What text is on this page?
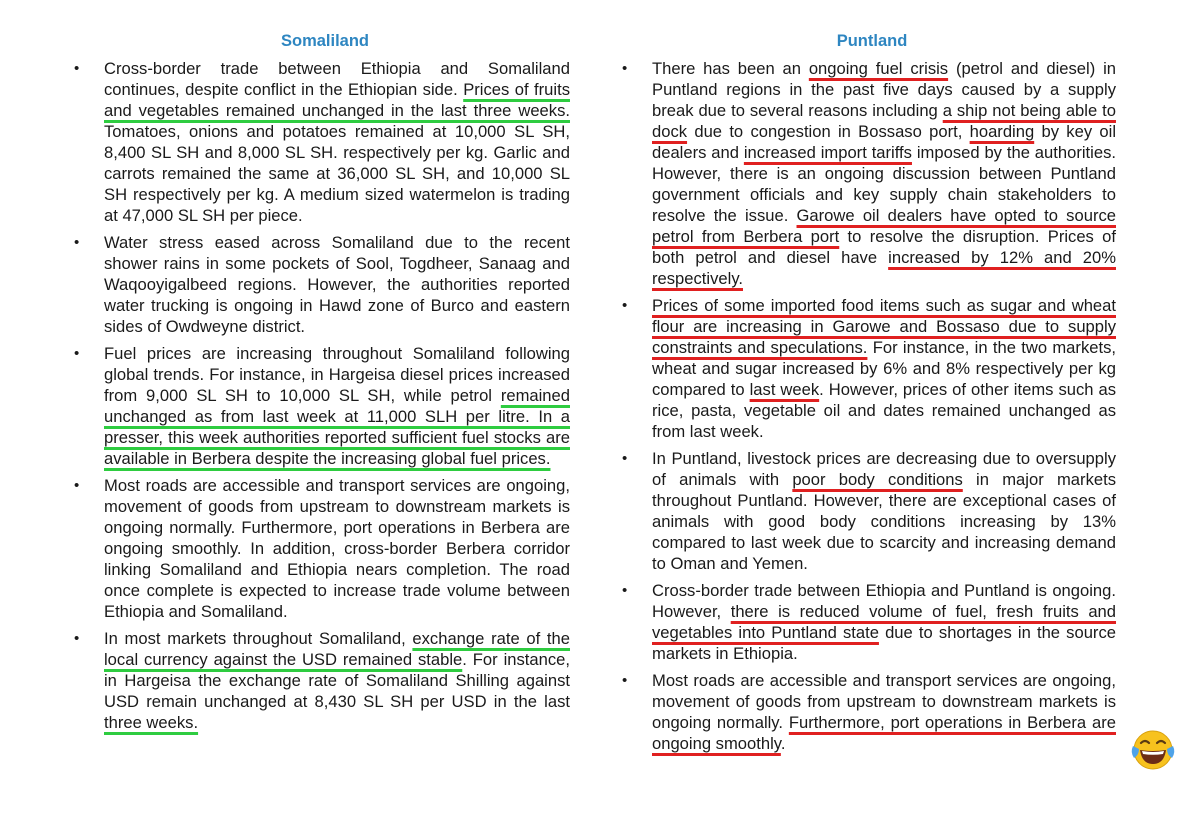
Somaliland
• Cross-border trade between Ethiopia and Somaliland continues, despite conflict in the Ethiopian side. Prices of fruits and vegetables remained unchanged in the last three weeks. Tomatoes, onions and potatoes remained at 10,000 SL SH, 8,400 SL SH and 8,000 SL SH. respectively per kg. Garlic and carrots remained the same at 36,000 SL SH, and 10,000 SL SH respectively per kg. A medium sized watermelon is trading at 47,000 SL SH per piece.
• Water stress eased across Somaliland due to the recent shower rains in some pockets of Sool, Togdheer, Sanaag and Waqooyigalbeed regions. However, the authorities reported water trucking is ongoing in Hawd zone of Burco and eastern sides of Owdweyne district.
• Fuel prices are increasing throughout Somaliland following global trends. For instance, in Hargeisa diesel prices increased from 9,000 SL SH to 10,000 SL SH, while petrol remained unchanged as from last week at 11,000 SLH per litre. In a presser, this week authorities reported sufficient fuel stocks are available in Berbera despite the increasing global fuel prices.
• Most roads are accessible and transport services are ongoing, movement of goods from upstream to downstream markets is ongoing normally. Furthermore, port operations in Berbera are ongoing smoothly. In addition, cross-border Berbera corridor linking Somaliland and Ethiopia nears completion. The road once complete is expected to increase trade volume between Ethiopia and Somaliland.
• In most markets throughout Somaliland, exchange rate of the local currency against the USD remained stable. For instance, in Hargeisa the exchange rate of Somaliland Shilling against USD remain unchanged at 8,430 SL SH per USD in the last three weeks.
Puntland
• There has been an ongoing fuel crisis (petrol and diesel) in Puntland regions in the past five days caused by a supply break due to several reasons including a ship not being able to dock due to congestion in Bossaso port, hoarding by key oil dealers and increased import tariffs imposed by the authorities. However, there is an ongoing discussion between Puntland government officials and key supply chain stakeholders to resolve the issue. Garowe oil dealers have opted to source petrol from Berbera port to resolve the disruption. Prices of both petrol and diesel have increased by 12% and 20% respectively.
• Prices of some imported food items such as sugar and wheat flour are increasing in Garowe and Bossaso due to supply constraints and speculations. For instance, in the two markets, wheat and sugar increased by 6% and 8% respectively per kg compared to last week. However, prices of other items such as rice, pasta, vegetable oil and dates remained unchanged as from last week.
• In Puntland, livestock prices are decreasing due to oversupply of animals with poor body conditions in major markets throughout Puntland. However, there are exceptional cases of animals with good body conditions increasing by 13% compared to last week due to scarcity and increasing demand to Oman and Yemen.
• Cross-border trade between Ethiopia and Puntland is ongoing. However, there is reduced volume of fuel, fresh fruits and vegetables into Puntland state due to shortages in the source markets in Ethiopia.
• Most roads are accessible and transport services are ongoing, movement of goods from upstream to downstream markets is ongoing normally. Furthermore, port operations in Berbera are ongoing smoothly.
